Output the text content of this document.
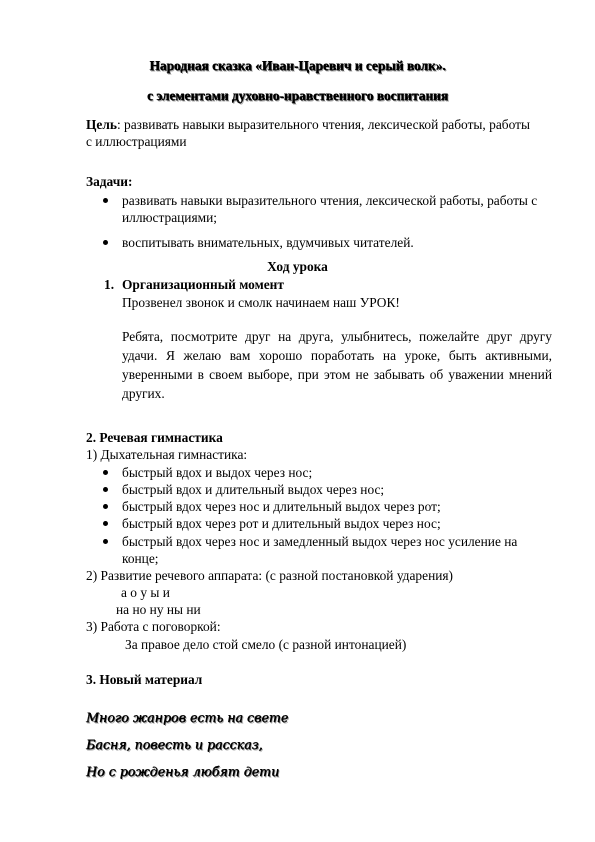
Народная сказка «Иван-Царевич и серый волк».
с элементами духовно-нравственного воспитания
Цель: развивать навыки выразительного чтения, лексической работы, работы
с иллюстрациями
Задачи:
развивать навыки выразительного чтения, лексической работы, работы с
иллюстрациями;
воспитывать внимательных, вдумчивых читателей.
Ход урока
1. Организационный момент
Прозвенел звонок и смолк начинаем наш УРОК!
Ребята, посмотрите друг на друга, улыбнитесь, пожелайте друг другу удачи. Я желаю вам хорошо поработать на уроке, быть активными, уверенными в своем выборе, при этом не забывать об уважении мнений других.
2. Речевая гимнастика
1) Дыхательная гимнастика:
быстрый вдох и выдох через нос;
быстрый вдох и длительный выдох через нос;
быстрый вдох через нос и длительный выдох через рот;
быстрый вдох через рот и длительный выдох через нос;
быстрый вдох через нос и замедленный выдох через нос усиление на
конце;
2) Развитие речевого аппарата: (с разной постановкой ударения)
а о у ы и
на но ну ны ни
3) Работа с поговоркой:
За правое дело стой смело (с разной интонацией)
3. Новый материал
Много жанров есть на свете
Басня, повесть и рассказ,
Но с рожденья любят дети
